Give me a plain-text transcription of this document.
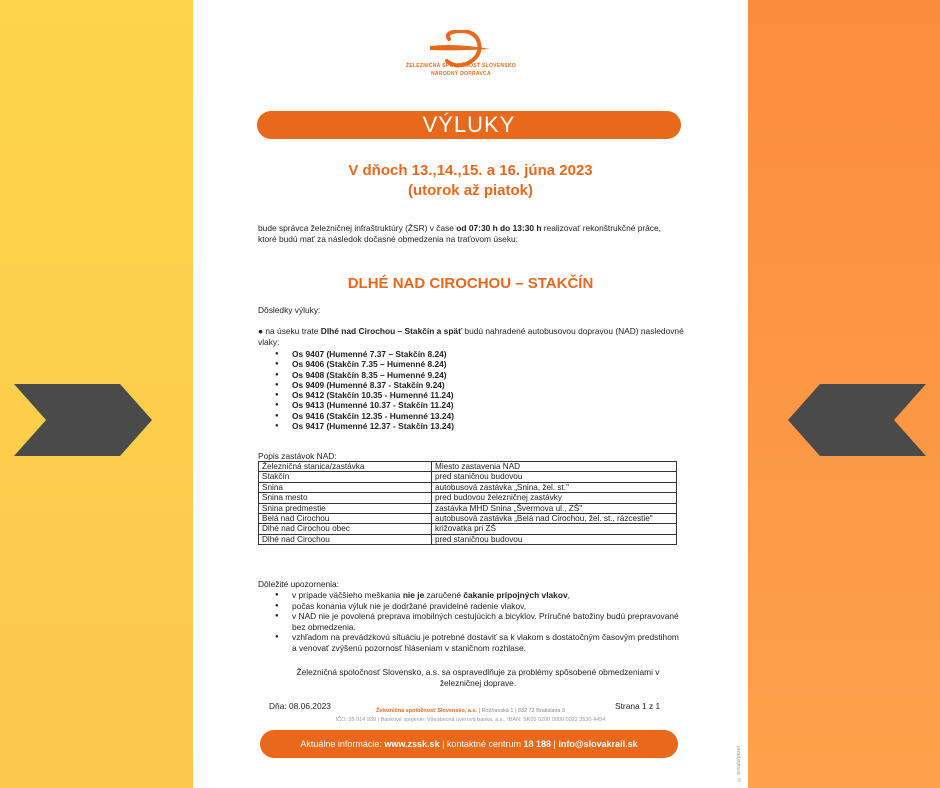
ŽELEZNIČNÁ SPOLOČNOSŤ SLOVENSKO
NÁRODNÝ DOPRAVCA
VÝLUKY
V dňoch 13.,14.,15. a 16. júna 2023
(utorok až piatok)

bude správca železničnej infraštruktúry (ŽSR) v čase od 07:30 h do 13:30 h realizovať rekonštrukčné práce, ktoré budú mať za následok dočasné obmedzenia na traťovom úseku:

DLHÉ NAD CIROCHOU – STAKČÍN
Dôsledky výluky:

● na úseku trate Dlhé nad Cirochou – Stakčín a späť budú nahradené autobusovou dopravou (NAD) nasledovné vlaky:

● Os 9407 (Humenné 7.37 – Stakčín 8.24)
● Os 9406 (Stakčín 7.35 – Humenné 8.24)
● Os 9408 (Stakčín 8.35 – Humenné 9.24)
● Os 9409 (Humenné 8.37 - Stakčín 9.24)
● Os 9412 (Stakčín 10.35 - Humenné 11.24)
● Os 9413 (Humenné 10.37 - Stakčín 11.24)
● Os 9416 (Stakčín 12.35 - Humenné 13.24)
● Os 9417 (Humenné 12.37 - Stakčín 13.24)
Popis zastávok NAD:
Železničná stanica/zastávka	Miesto zastavenia NAD
Stakčín	pred staničnou budovou
Snina	autobusová zastávka „Snina, žel. st."
Snina mesto	pred budovou železničnej zastávky
Snina predmestie	zastávka MHD Snina „Švermova ul., ZŠ"
Belá nad Cirochou	autobusová zastávka „Belá nad Cirochou, žel. st., rázcestie"
Dlhé nad Cirochou obec	križovatka pri ZŠ
Dlhé nad Cirochou	pred staničnou budovou
Dôležité upozornenia:
● v prípade väčšieho meškania nie je zaručené čakanie prípojných vlakov,
● počas konania výluk nie je dodržané pravidelné radenie vlakov,
● v NAD nie je povolená preprava imobilných cestujúcich a bicyklov. Príručné batožiny budú prepravované bez obmedzenia.
● vzhľadom na prevádzkovú situáciu je potrebné dostaviť sa k vlakom s dostatočným časovým predstihom a venovať zvýšenú pozornosť hláseniam v staničnom rozhlase.

Železničná spoločnosť Slovensko, a.s. sa ospravedlňuje za problémy spôsobené obmedzeniami v železničnej doprave.

Dňa: 08.06.2023	Strana 1 z 1
Železničná spoločnosť Slovensko, a.s. | Rožňavská 1 | 832 72 Bratislava 3
IČO: 35 914 939 | Bankové spojenie: Všeobecná úverová banka, a.s., IBAN: SK05 0200 0000 0022 3530 4454
Aktuálne informácie: www.zssk.sk | kontaktné centrum 18 188 | info@slovakrail.sk
© envato/pexel
